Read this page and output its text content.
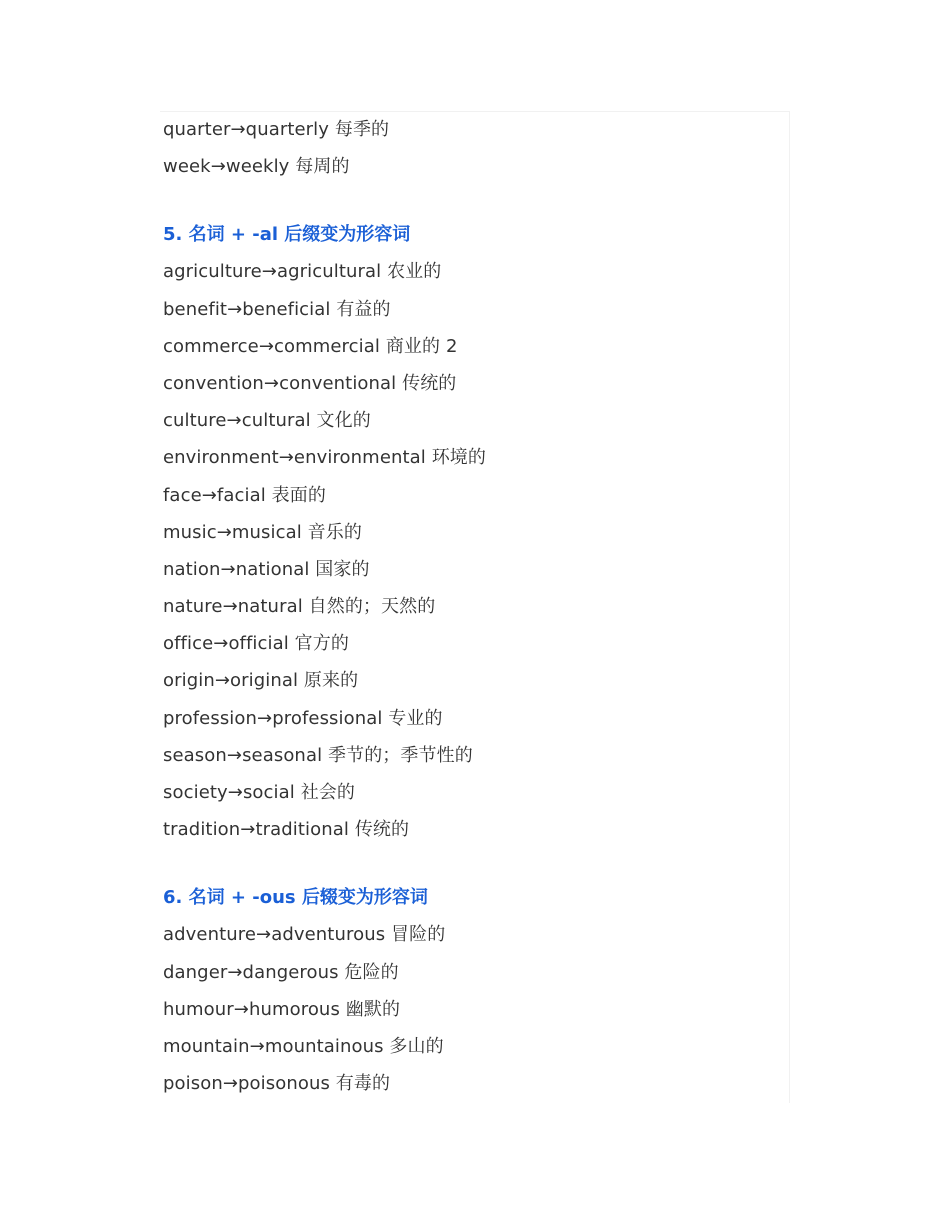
quarter→quarterly 每季的
week→weekly 每周的
5. 名词 + -al 后缀变为形容词
agriculture→agricultural 农业的
benefit→beneficial 有益的
commerce→commercial 商业的 2
convention→conventional 传统的
culture→cultural 文化的
environment→environmental 环境的
face→facial 表面的
music→musical 音乐的
nation→national 国家的
nature→natural 自然的；天然的
office→official 官方的
origin→original 原来的
profession→professional 专业的
season→seasonal 季节的；季节性的
society→social 社会的
tradition→traditional 传统的
6. 名词 + -ous 后辍变为形容词
adventure→adventurous 冒险的
danger→dangerous 危险的
humour→humorous 幽默的
mountain→mountainous 多山的
poison→poisonous 有毒的
